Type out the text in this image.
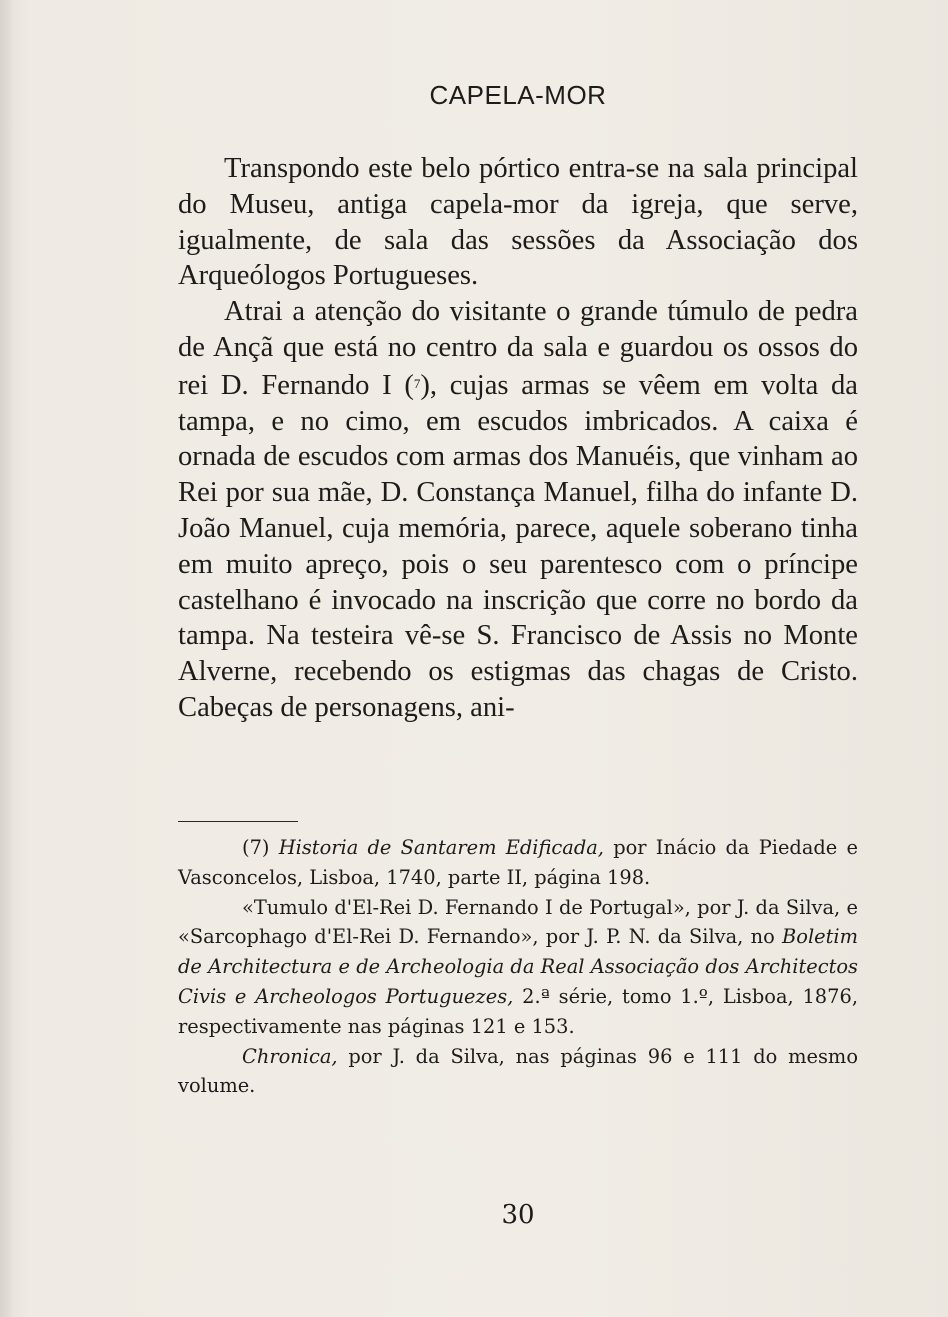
CAPELA-MOR

Transpondo este belo pórtico entra-se na sala principal do Museu, antiga capela-mor da igreja, que serve, igualmente, de sala das sessões da Associação dos Arqueólogos Portugueses.

Atrai a atenção do visitante o grande túmulo de pedra de Ançã que está no centro da sala e guardou os ossos do rei D. Fernando I ($^7$), cujas armas se vêem em volta da tampa, e no cimo, em escudos imbricados. A caixa é ornada de escudos com armas dos Manuéis, que vinham ao Rei por sua mãe, D. Constança Manuel, filha do infante D. João Manuel, cuja memória, parece, aquele soberano tinha em muito apreço, pois o seu parentesco com o príncipe castelhano é invocado na inscrição que corre no bordo da tampa. Na testeira vê-se S. Francisco de Assis no Monte Alverne, recebendo os estigmas das chagas de Cristo. Cabeças de personagens, ani-

(7) Historia de Santarem Edificada, por Inácio da Piedade e Vasconcelos, Lisboa, 1740, parte II, página 198.

«Tumulo d'El-Rei D. Fernando I de Portugal», por J. da Silva, e «Sarcophago d'El-Rei D. Fernando», por J. P. N. da Silva, no Boletim de Architectura e de Archeologia da Real Associação dos Architectos Civis e Archeologos Portuguezes, 2.ª série, tomo 1.º, Lisboa, 1876, respectivamente nas páginas 121 e 153.

Chronica, por J. da Silva, nas páginas 96 e 111 do mesmo volume.

30
